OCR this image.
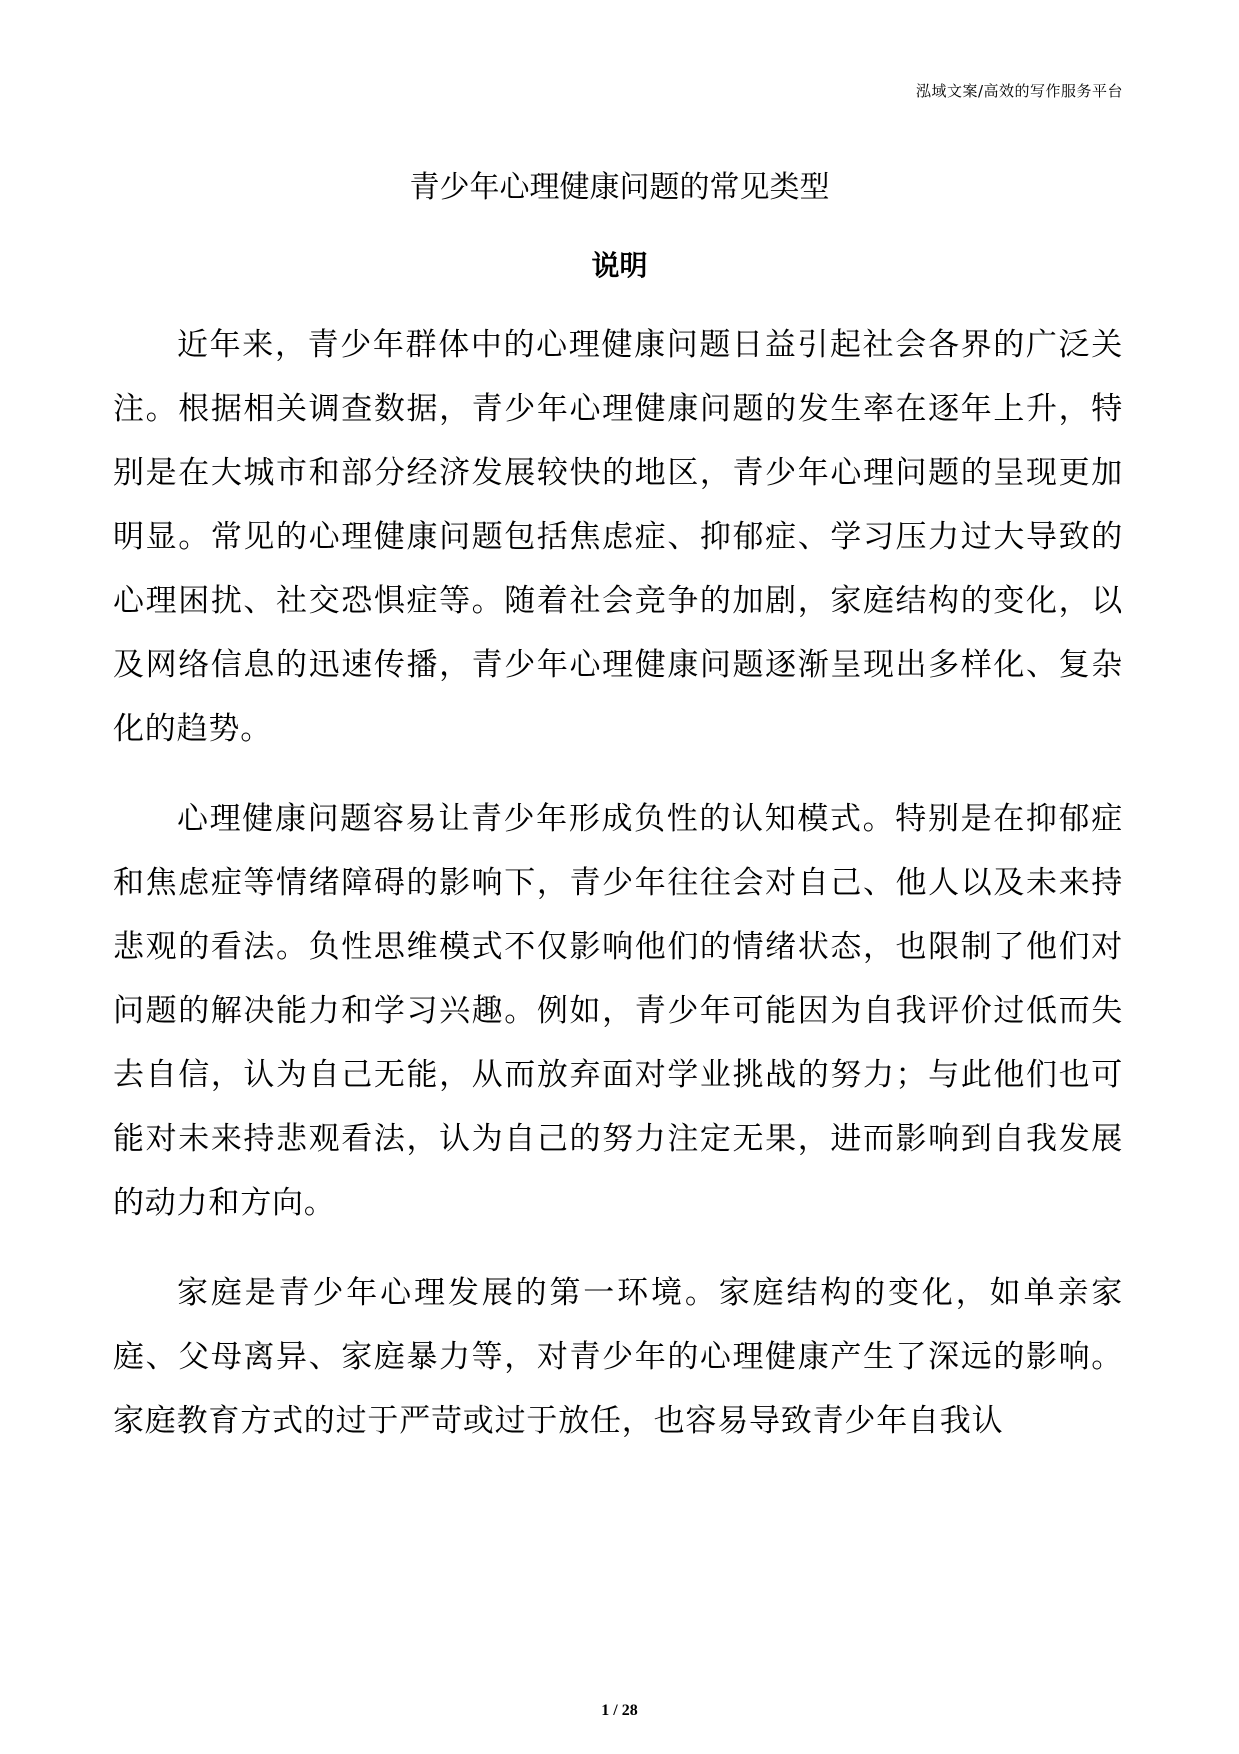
泓域文案/高效的写作服务平台
青少年心理健康问题的常见类型
说明

近年来，青少年群体中的心理健康问题日益引起社会各界的广泛关注。根据相关调查数据，青少年心理健康问题的发生率在逐年上升，特别是在大城市和部分经济发展较快的地区，青少年心理问题的呈现更加明显。常见的心理健康问题包括焦虑症、抑郁症、学习压力过大导致的心理困扰、社交恐惧症等。随着社会竞争的加剧，家庭结构的变化，以及网络信息的迅速传播，青少年心理健康问题逐渐呈现出多样化、复杂化的趋势。

心理健康问题容易让青少年形成负性的认知模式。特别是在抑郁症和焦虑症等情绪障碍的影响下，青少年往往会对自己、他人以及未来持悲观的看法。负性思维模式不仅影响他们的情绪状态，也限制了他们对问题的解决能力和学习兴趣。例如，青少年可能因为自我评价过低而失去自信，认为自己无能，从而放弃面对学业挑战的努力；与此他们也可能对未来持悲观看法，认为自己的努力注定无果，进而影响到自我发展的动力和方向。

家庭是青少年心理发展的第一环境。家庭结构的变化，如单亲家庭、父母离异、家庭暴力等，对青少年的心理健康产生了深远的影响。家庭教育方式的过于严苛或过于放任，也容易导致青少年自我认

1 / 28
